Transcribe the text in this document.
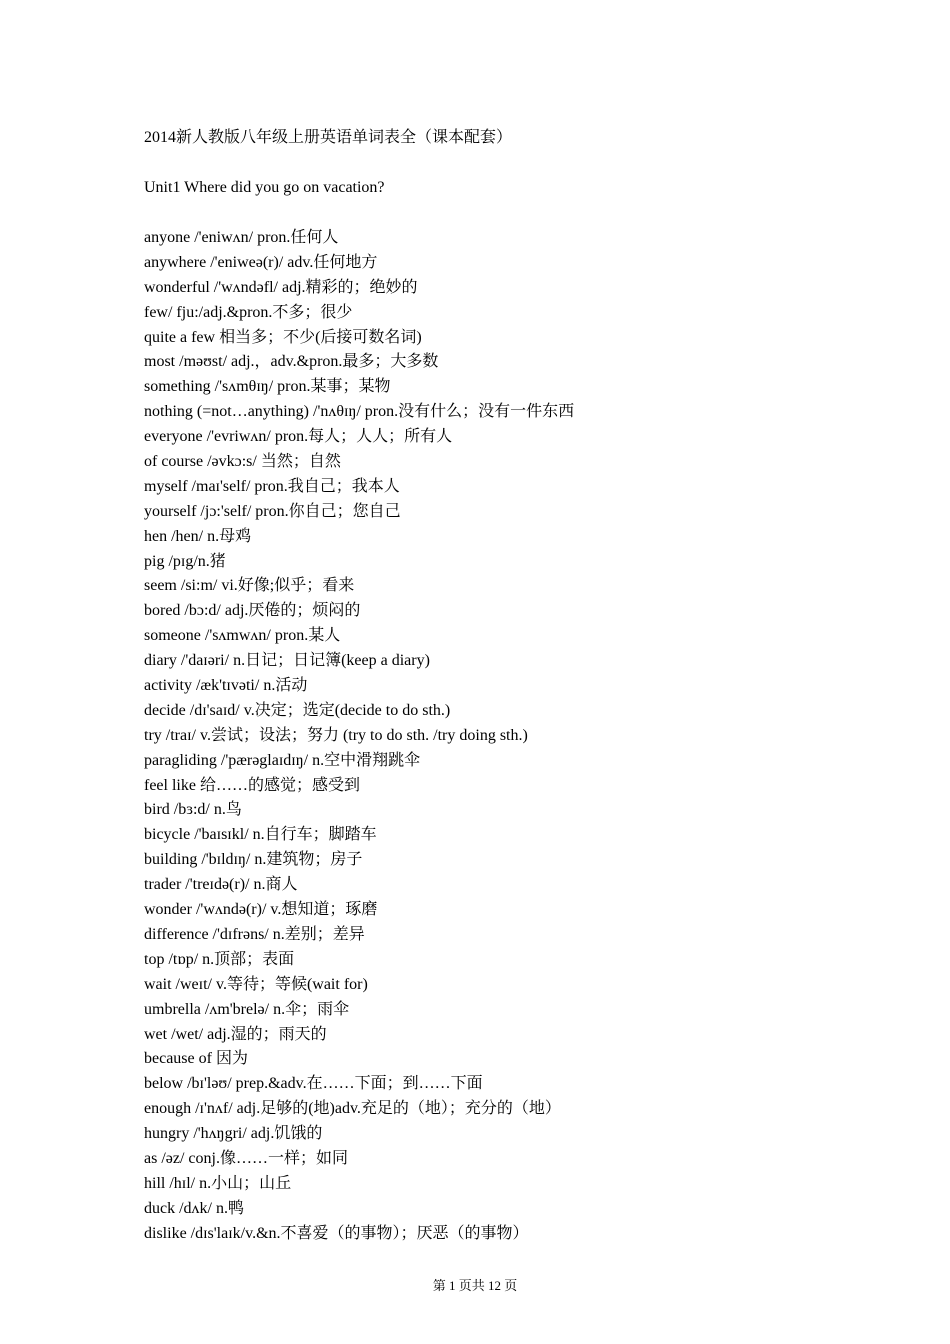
2014新人教版八年级上册英语单词表全（课本配套）
Unit1 Where did you go on vacation?
anyone /'eniwʌn/ pron.任何人
anywhere /'eniweə(r)/ adv.任何地方
wonderful /'wʌndəfl/ adj.精彩的；绝妙的
few/ fju:/adj.&pron.不多；很少
quite a few 相当多；不少(后接可数名词)
most /məʊst/ adj.，adv.&pron.最多；大多数
something /'sʌmθɪŋ/ pron.某事；某物
nothing (=not…anything) /'nʌθɪŋ/ pron.没有什么；没有一件东西
everyone /'evriwʌn/ pron.每人；人人；所有人
of course /əvkɔ:s/ 当然；自然
myself /maɪ'self/ pron.我自己；我本人
yourself /jɔ:'self/ pron.你自己；您自己
hen /hen/ n.母鸡
pig /pɪg/n.猪
seem /si:m/ vi.好像;似乎；看来
bored /bɔ:d/ adj.厌倦的；烦闷的
someone /'sʌmwʌn/ pron.某人
diary /'daɪəri/ n.日记；日记簿(keep a diary)
activity /æk'tɪvəti/ n.活动
decide /dɪ'saɪd/ v.决定；选定(decide to do sth.)
try /traɪ/ v.尝试；设法；努力 (try to do sth. /try doing sth.)
paragliding /'pærəglaɪdɪŋ/ n.空中滑翔跳伞
feel like 给……的感觉；感受到
bird /bɜ:d/ n.鸟
bicycle /'baɪsɪkl/ n.自行车；脚踏车
building /'bɪldɪŋ/ n.建筑物；房子
trader /'treɪdə(r)/ n.商人
wonder /'wʌndə(r)/ v.想知道；琢磨
difference /'dɪfrəns/ n.差别；差异
top /tɒp/ n.顶部；表面
wait /weɪt/ v.等待；等候(wait for)
umbrella /ʌm'brelə/ n.伞；雨伞
wet /wet/ adj.湿的；雨天的
because of 因为
below /bɪ'ləʊ/ prep.&adv.在……下面；到……下面
enough /ɪ'nʌf/ adj.足够的(地)adv.充足的（地）；充分的（地）
hungry /'hʌŋgri/ adj.饥饿的
as /əz/ conj.像……一样；如同
hill /hɪl/ n.小山；山丘
duck /dʌk/ n.鸭
dislike /dɪs'laɪk/v.&n.不喜爱（的事物）；厌恶（的事物）
第 1 页共 12 页
